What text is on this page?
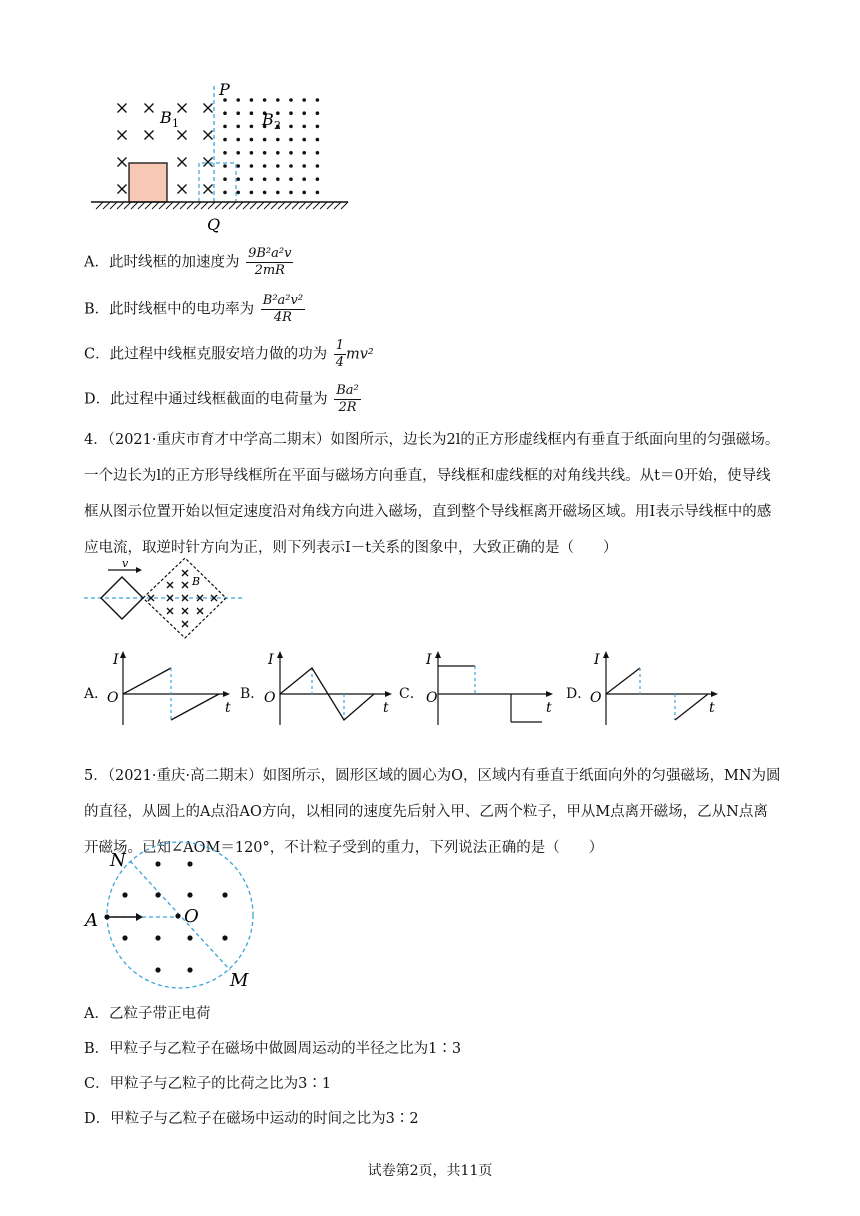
P
Q
B 1	B 2
A．此时线框的加速度为 $\frac{\text{9B²a²v}}{2mR}$
B．此时线框中的电功率为 $\frac{\text{B²a²v²}}{4R}$
C．此过程中线框克服安培力做的功为 $\frac{1}{4} mv^2$
D．此过程中通过线框截面的电荷量为 $\frac{\text{Ba²}}{2R}$
4．（2021·重庆市育才中学高二期末）如图所示，边长为2l的正方形虚线框内有垂直于纸面向里的匀强磁场。一个边长为l的正方形导线框所在平面与磁场方向垂直，导线框和虚线框的对角线共线。从t＝0开始，使导线框从图示位置开始以恒定速度沿对角线方向进入磁场，直到整个导线框离开磁场区域。用I表示导线框中的感应电流，取逆时针方向为正，则下列表示I－t关系的图象中，大致正确的是（　　）
v
B
A．
I
O
t
B．
I
O
t
C．
I
O
t
D．
I
O
t
5．（2021·重庆·高二期末）如图所示，圆形区域的圆心为O，区域内有垂直于纸面向外的匀强磁场，MN为圆的直径，从圆上的A点沿AO方向，以相同的速度先后射入甲、乙两个粒子，甲从M点离开磁场，乙从N点离开磁场。已知∠AOM＝120°，不计粒子受到的重力，下列说法正确的是（　　）
N
O
A
M
A．乙粒子带正电荷
B．甲粒子与乙粒子在磁场中做圆周运动的半径之比为1∶3
C．甲粒子与乙粒子的比荷之比为3∶1
D．甲粒子与乙粒子在磁场中运动的时间之比为3∶2
试卷第2页，共11页
